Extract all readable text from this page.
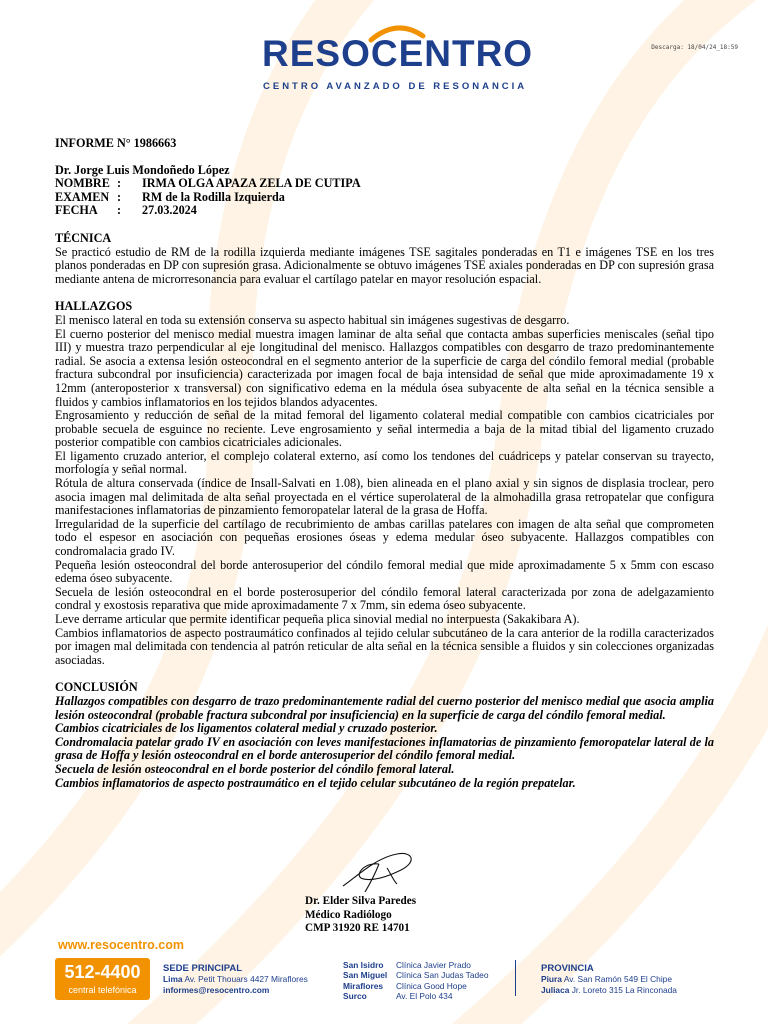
Descarga: 18/04/24_18:59
RESOCENTRO
CENTRO AVANZADO DE RESONANCIA
INFORME N° 1986663
Dr. Jorge Luis Mondoñedo López
NOMBRE :	IRMA OLGA APAZA ZELA DE CUTIPA
EXAMEN :	RM de la Rodilla Izquierda
FECHA	:	27.03.2024
TÉCNICA
Se practicó estudio de RM de la rodilla izquierda mediante imágenes TSE sagitales ponderadas en T1 e imágenes TSE en los tres planos ponderadas en DP con supresión grasa. Adicionalmente se obtuvo imágenes TSE axiales ponderadas en DP con supresión grasa mediante antena de microrresonancia para evaluar el cartílago patelar en mayor resolución espacial.
HALLAZGOS
El menisco lateral en toda su extensión conserva su aspecto habitual sin imágenes sugestivas de desgarro.
El cuerno posterior del menisco medial muestra imagen laminar de alta señal que contacta ambas superficies meniscales (señal tipo III) y muestra trazo perpendicular al eje longitudinal del menisco. Hallazgos compatibles con desgarro de trazo predominantemente radial. Se asocia a extensa lesión osteocondral en el segmento anterior de la superficie de carga del cóndilo femoral medial (probable fractura subcondral por insuficiencia) caracterizada por imagen focal de baja intensidad de señal que mide aproximadamente 19 x 12mm (anteroposterior x transversal) con significativo edema en la médula ósea subyacente de alta señal en la técnica sensible a fluidos y cambios inflamatorios en los tejidos blandos adyacentes.
Engrosamiento y reducción de señal de la mitad femoral del ligamento colateral medial compatible con cambios cicatriciales por probable secuela de esguince no reciente. Leve engrosamiento y señal intermedia a baja de la mitad tibial del ligamento cruzado posterior compatible con cambios cicatriciales adicionales.
El ligamento cruzado anterior, el complejo colateral externo, así como los tendones del cuádriceps y patelar conservan su trayecto, morfología y señal normal.
Rótula de altura conservada (índice de Insall-Salvati en 1.08), bien alineada en el plano axial y sin signos de displasia troclear, pero asocia imagen mal delimitada de alta señal proyectada en el vértice superolateral de la almohadilla grasa retropatelar que configura manifestaciones inflamatorias de pinzamiento femoropatelar lateral de la grasa de Hoffa.
Irregularidad de la superficie del cartílago de recubrimiento de ambas carillas patelares con imagen de alta señal que comprometen todo el espesor en asociación con pequeñas erosiones óseas y edema medular óseo subyacente. Hallazgos compatibles con condromalacia grado IV.
Pequeña lesión osteocondral del borde anterosuperior del cóndilo femoral medial que mide aproximadamente 5 x 5mm con escaso edema óseo subyacente.
Secuela de lesión osteocondral en el borde posterosuperior del cóndilo femoral lateral caracterizada por zona de adelgazamiento condral y exostosis reparativa que mide aproximadamente 7 x 7mm, sin edema óseo subyacente.
Leve derrame articular que permite identificar pequeña plica sinovial medial no interpuesta (Sakakibara A).
Cambios inflamatorios de aspecto postraumático confinados al tejido celular subcutáneo de la cara anterior de la rodilla caracterizados por imagen mal delimitada con tendencia al patrón reticular de alta señal en la técnica sensible a fluidos y sin colecciones organizadas asociadas.
CONCLUSIÓN
Hallazgos compatibles con desgarro de trazo predominantemente radial del cuerno posterior del menisco medial que asocia amplia lesión osteocondral (probable fractura subcondral por insuficiencia) en la superficie de carga del cóndilo femoral medial.
Cambios cicatriciales de los ligamentos colateral medial y cruzado posterior.
Condromalacia patelar grado IV en asociación con leves manifestaciones inflamatorias de pinzamiento femoropatelar lateral de la grasa de Hoffa y lesión osteocondral en el borde anterosuperior del cóndilo femoral medial.
Secuela de lesión osteocondral en el borde posterior del cóndilo femoral lateral.
Cambios inflamatorios de aspecto postraumático en el tejido celular subcutáneo de la región prepatelar.
Dr. Elder Silva Paredes
Médico Radiólogo
CMP 31920 RE 14701
www.resocentro.com
512-4400
central telefónica
SEDE PRINCIPAL
Lima Av. Petit Thouars 4427 Miraflores
informes@resocentro.com
San Isidro	Clínica Javier Prado
San Miguel	Clínica San Judas Tadeo
Miraflores	Clínica Good Hope
Surco	Av. El Polo 434
PROVINCIA
Piura Av. San Ramón 549 El Chipe
Juliaca Jr. Loreto 315 La Rinconada
